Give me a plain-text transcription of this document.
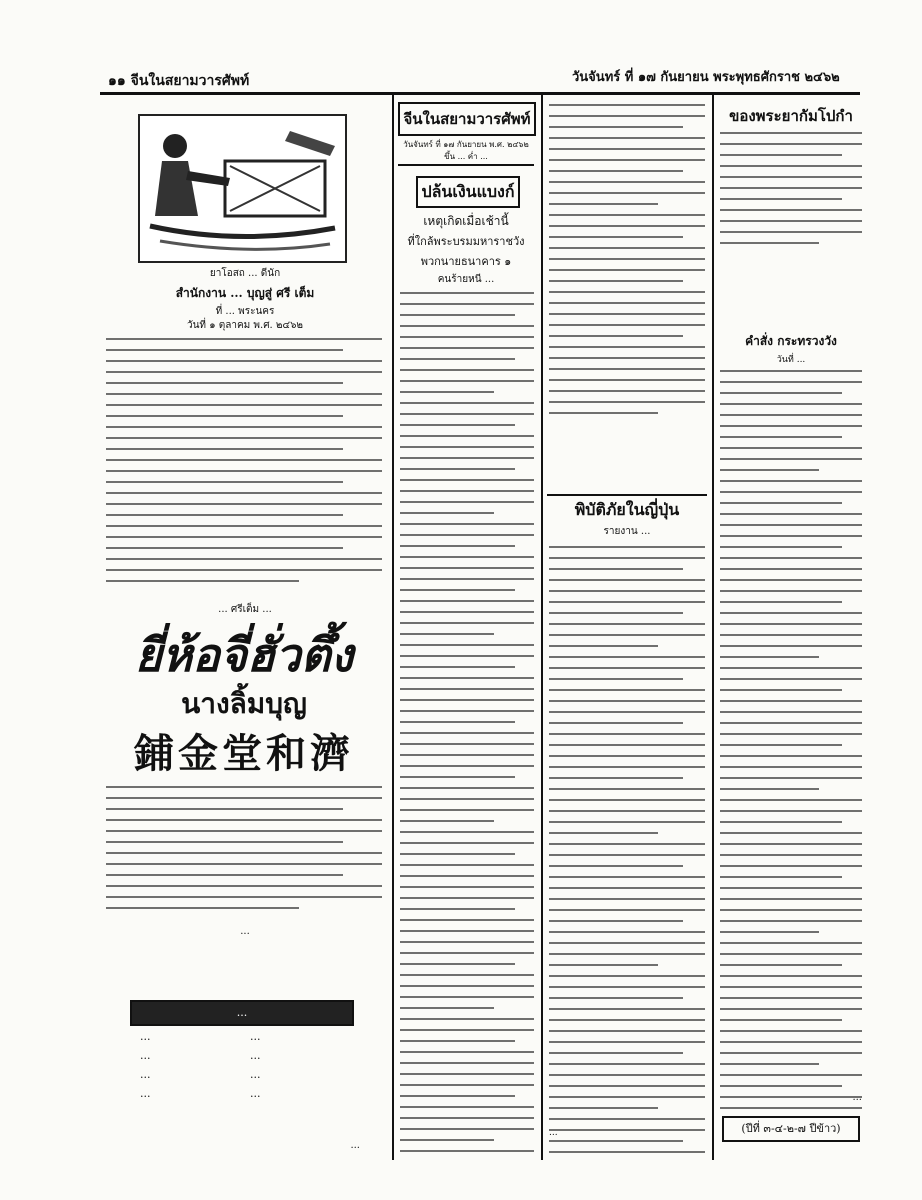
๑๑ จีนในสยามวารศัพท์	วันจันทร์ ที่ ๑๗ กันยายน พระพุทธศักราช ๒๔๖๒
ยาโอสถ ... ดีนัก
สำนักงาน ... บุญสู่ ศรี เต็ม
ที่ ... พระนคร
วันที่ ๑ ตุลาคม พ.ศ. ๒๔๖๒
... ศรีเต็ม ...
ยี่ห้อจี่ฮั่วตึ้ง
นางลิ้มบุญ
鋪金堂和濟
...
...
...	...
...	...
...	...
...	...
...
จีนในสยามวารศัพท์
วันจันทร์ ที่ ๑๗ กันยายน พ.ศ. ๒๔๖๒
ขึ้น ... ค่ำ ...
ปล้นเงินแบงก์
เหตุเกิดเมื่อเช้านี้
ที่ใกล้พระบรมมหาราชวัง
พวกนายธนาคาร ๑
คนร้ายหนี ...
พิบัติภัยในญี่ปุ่น
รายงาน ...
...
ของพระยากัมโปกำ
คำสั่ง กระทรวงวัง
วันที่ ...
...
(ปีที่ ๓-๔-๒-๗ ปีข้าว)
